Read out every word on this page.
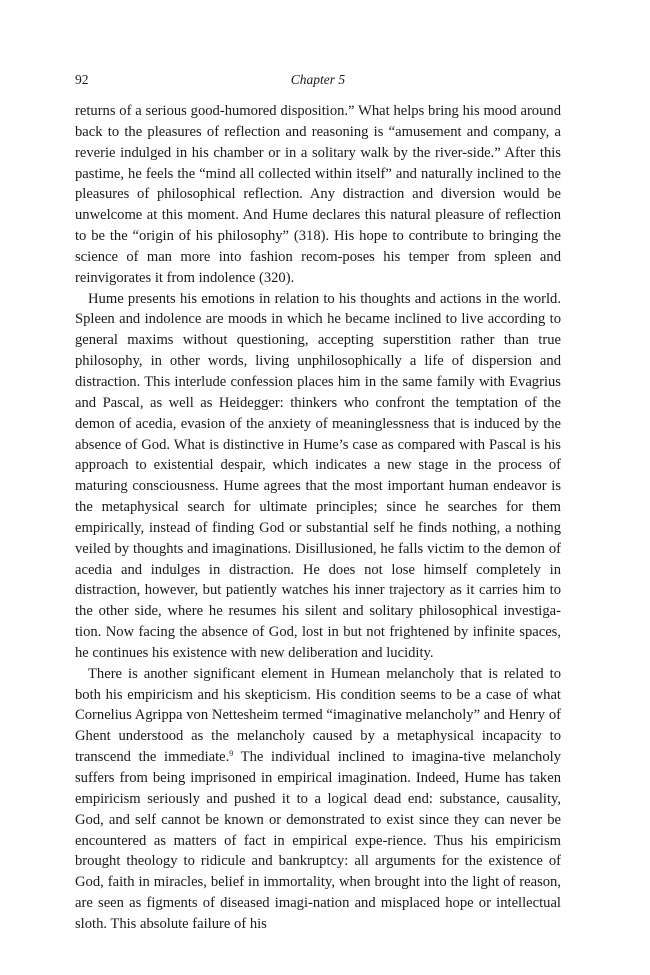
92	Chapter 5

returns of a serious good-humored disposition.” What helps bring his mood around back to the pleasures of reflection and reasoning is “amusement and company, a reverie indulged in his chamber or in a solitary walk by the river-side.” After this pastime, he feels the “mind all collected within itself” and naturally inclined to the pleasures of philosophical reflection. Any distraction and diversion would be unwelcome at this moment. And Hume declares this natural pleasure of reflection to be the “origin of his philosophy” (318). His hope to contribute to bringing the science of man more into fashion recom-poses his temper from spleen and reinvigorates it from indolence (320).

Hume presents his emotions in relation to his thoughts and actions in the world. Spleen and indolence are moods in which he became inclined to live according to general maxims without questioning, accepting superstition rather than true philosophy, in other words, living unphilosophically a life of dispersion and distraction. This interlude confession places him in the same family with Evagrius and Pascal, as well as Heidegger: thinkers who confront the temptation of the demon of acedia, evasion of the anxiety of meaninglessness that is induced by the absence of God. What is distinctive in Hume’s case as compared with Pascal is his approach to existential despair, which indicates a new stage in the process of maturing consciousness. Hume agrees that the most important human endeavor is the metaphysical search for ultimate principles; since he searches for them empirically, instead of finding God or substantial self he finds nothing, a nothing veiled by thoughts and imaginations. Disillusioned, he falls victim to the demon of acedia and indulges in distraction. He does not lose himself completely in distraction, however, but patiently watches his inner trajectory as it carries him to the other side, where he resumes his silent and solitary philosophical investiga-tion. Now facing the absence of God, lost in but not frightened by infinite spaces, he continues his existence with new deliberation and lucidity.

There is another significant element in Humean melancholy that is related to both his empiricism and his skepticism. His condition seems to be a case of what Cornelius Agrippa von Nettesheim termed “imaginative melancholy” and Henry of Ghent understood as the melancholy caused by a metaphysical incapacity to transcend the immediate.$^9$ The individual inclined to imagina-tive melancholy suffers from being imprisoned in empirical imagination. Indeed, Hume has taken empiricism seriously and pushed it to a logical dead end: substance, causality, God, and self cannot be known or demonstrated to exist since they can never be encountered as matters of fact in empirical expe-rience. Thus his empiricism brought theology to ridicule and bankruptcy: all arguments for the existence of God, faith in miracles, belief in immortality, when brought into the light of reason, are seen as figments of diseased imagi-nation and misplaced hope or intellectual sloth. This absolute failure of his
